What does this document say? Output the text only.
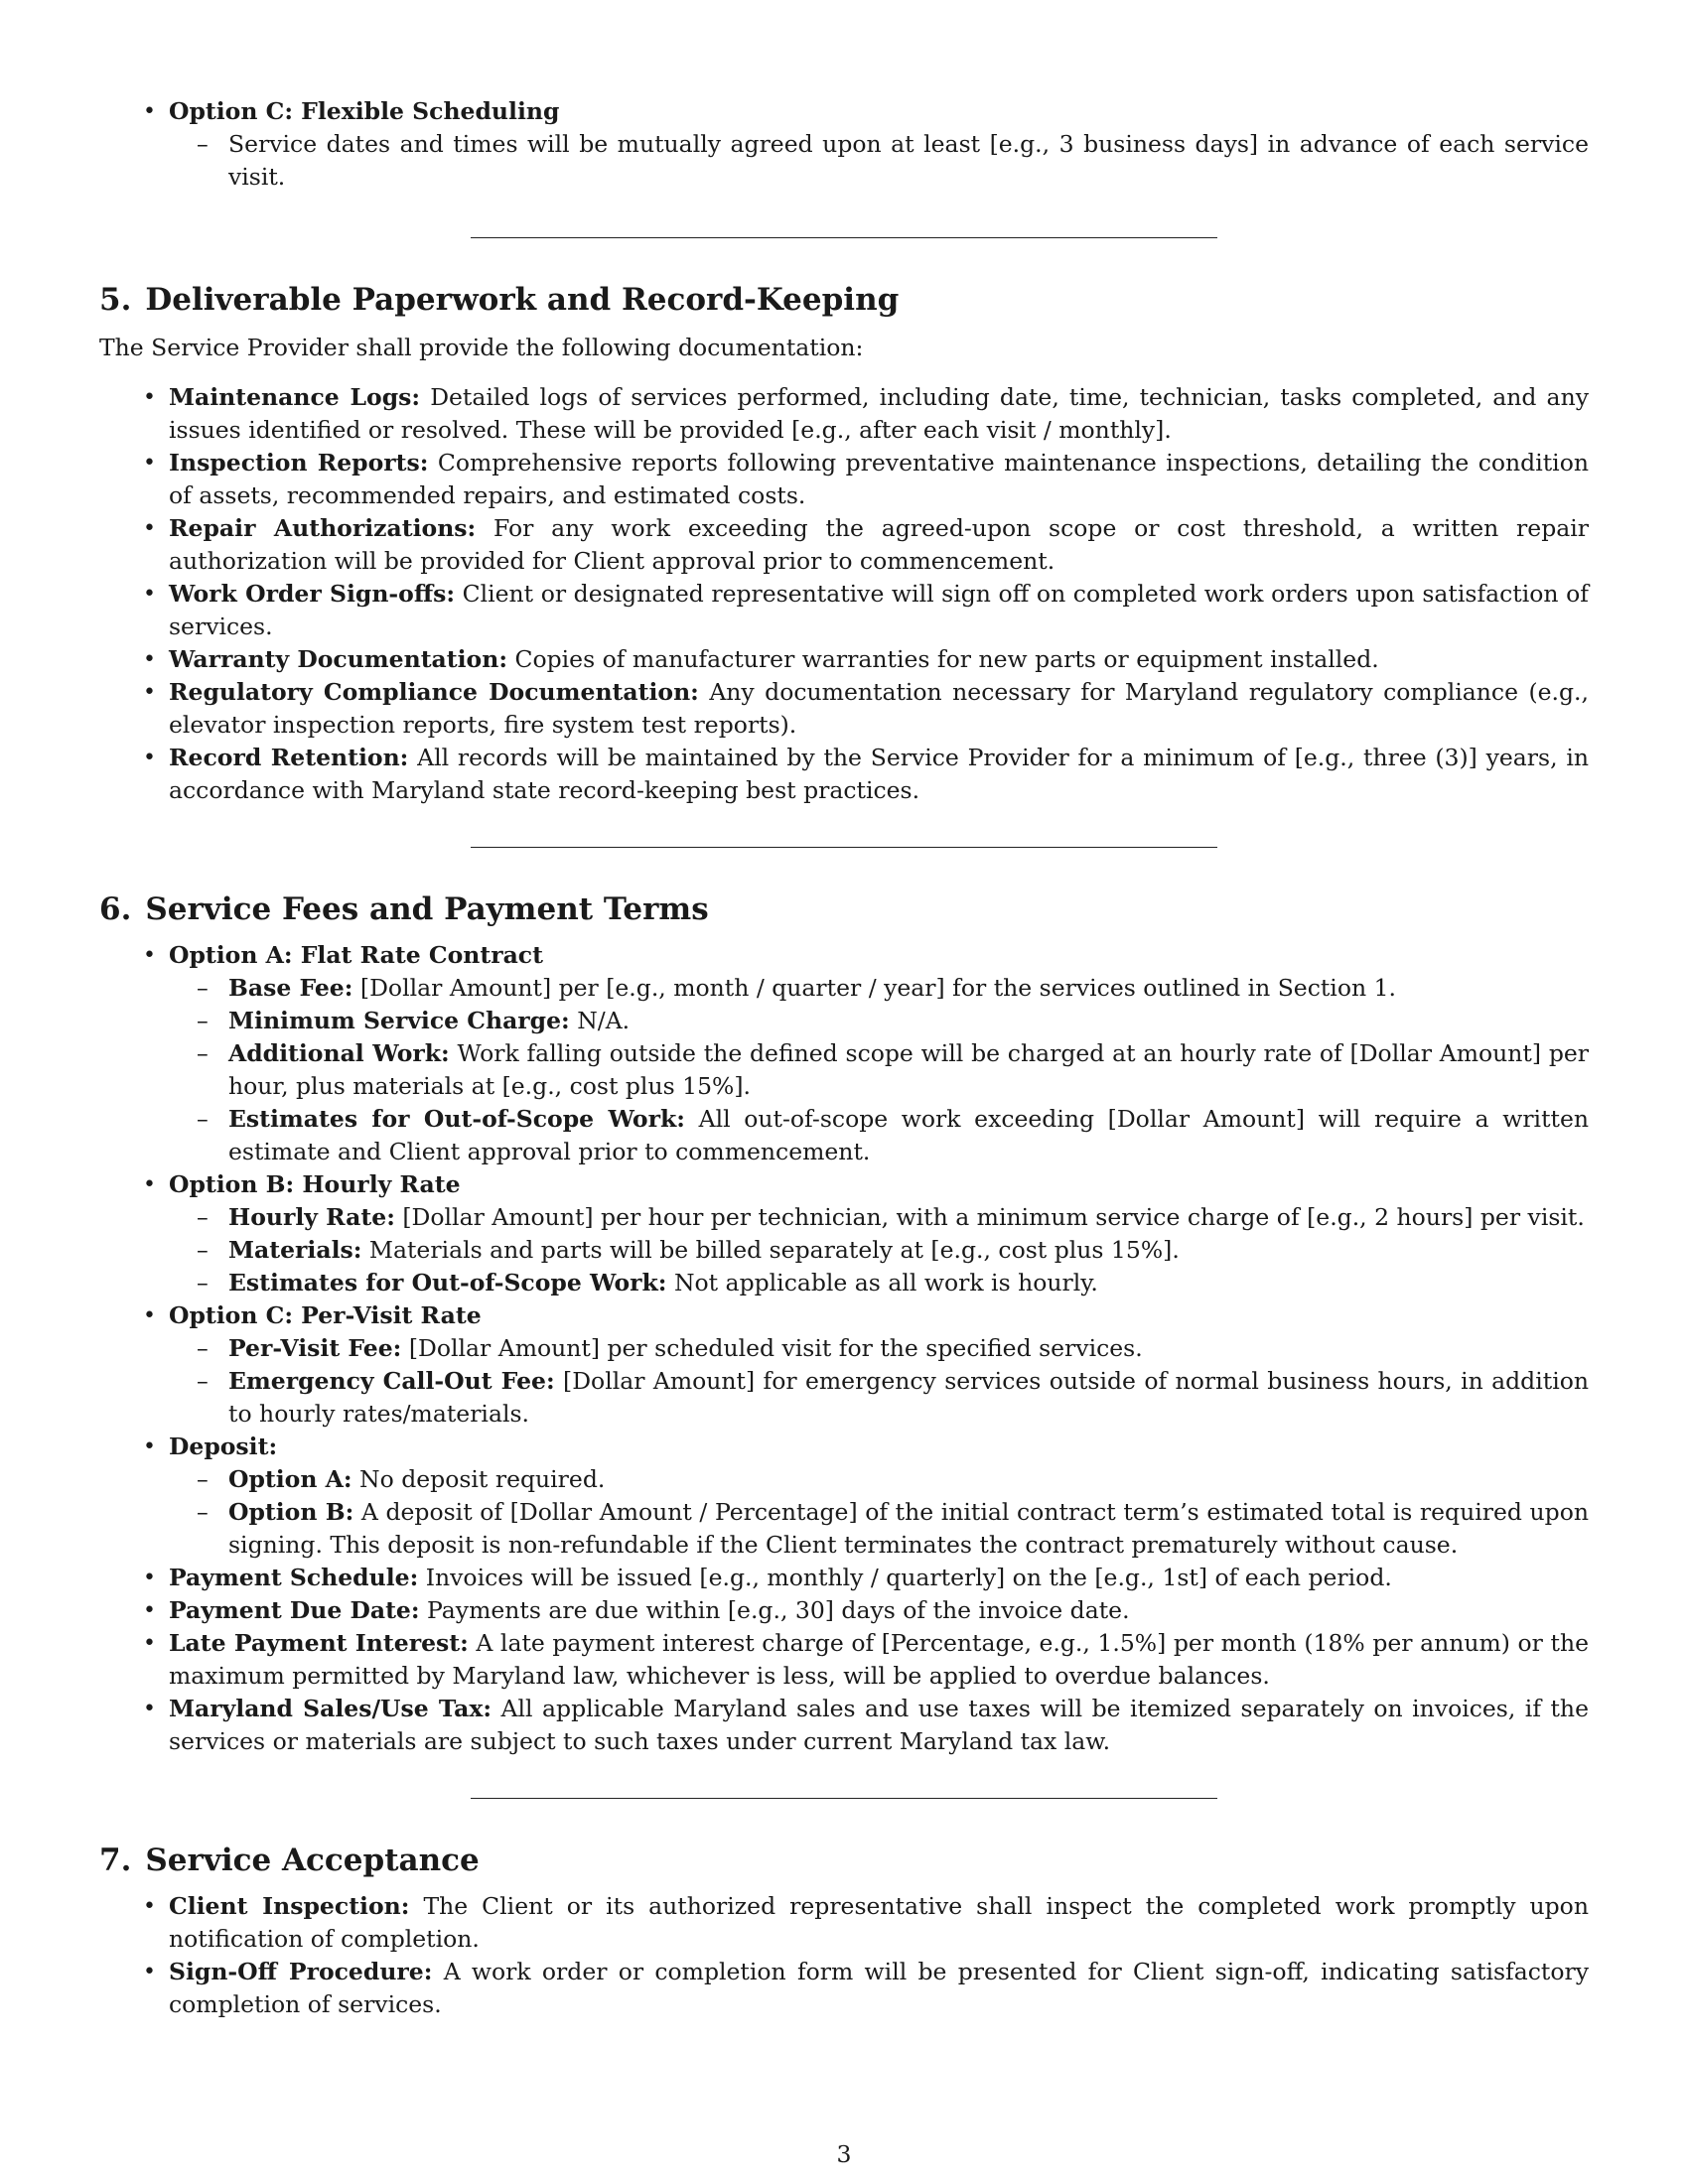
• Option C: Flexible Scheduling
– Service dates and times will be mutually agreed upon at least [e.g., 3 business days] in advance of each service visit.
5. Deliverable Paperwork and Record-Keeping

The Service Provider shall provide the following documentation:

• Maintenance Logs: Detailed logs of services performed, including date, time, technician, tasks completed, and any issues identified or resolved. These will be provided [e.g., after each visit / monthly].
• Inspection Reports: Comprehensive reports following preventative maintenance inspections, detailing the condition of assets, recommended repairs, and estimated costs.
• Repair Authorizations: For any work exceeding the agreed-upon scope or cost threshold, a written repair authorization will be provided for Client approval prior to commencement.
• Work Order Sign-offs: Client or designated representative will sign off on completed work orders upon satisfaction of services.
• Warranty Documentation: Copies of manufacturer warranties for new parts or equipment installed.
• Regulatory Compliance Documentation: Any documentation necessary for Maryland regulatory compliance (e.g., elevator inspection reports, fire system test reports).
• Record Retention: All records will be maintained by the Service Provider for a minimum of [e.g., three (3)] years, in accordance with Maryland state record-keeping best practices.
6. Service Fees and Payment Terms
• Option A: Flat Rate Contract
– Base Fee: [Dollar Amount] per [e.g., month / quarter / year] for the services outlined in Section 1.
– Minimum Service Charge: N/A.
– Additional Work: Work falling outside the defined scope will be charged at an hourly rate of [Dollar Amount] per hour, plus materials at [e.g., cost plus 15%].
– Estimates for Out-of-Scope Work: All out-of-scope work exceeding [Dollar Amount] will require a written estimate and Client approval prior to commencement.
• Option B: Hourly Rate
– Hourly Rate: [Dollar Amount] per hour per technician, with a minimum service charge of [e.g., 2 hours] per visit.
– Materials: Materials and parts will be billed separately at [e.g., cost plus 15%].
– Estimates for Out-of-Scope Work: Not applicable as all work is hourly.
• Option C: Per-Visit Rate
– Per-Visit Fee: [Dollar Amount] per scheduled visit for the specified services.
– Emergency Call-Out Fee: [Dollar Amount] for emergency services outside of normal business hours, in addition to hourly rates/materials.
• Deposit:
– Option A: No deposit required.
– Option B: A deposit of [Dollar Amount / Percentage] of the initial contract term’s estimated total is required upon signing. This deposit is non-refundable if the Client terminates the contract prematurely without cause.
• Payment Schedule: Invoices will be issued [e.g., monthly / quarterly] on the [e.g., 1st] of each period.
• Payment Due Date: Payments are due within [e.g., 30] days of the invoice date.
• Late Payment Interest: A late payment interest charge of [Percentage, e.g., 1.5%] per month (18% per annum) or the maximum permitted by Maryland law, whichever is less, will be applied to overdue balances.
• Maryland Sales/Use Tax: All applicable Maryland sales and use taxes will be itemized separately on invoices, if the services or materials are subject to such taxes under current Maryland tax law.
7. Service Acceptance
• Client Inspection: The Client or its authorized representative shall inspect the completed work promptly upon notification of completion.
• Sign-Off Procedure: A work order or completion form will be presented for Client sign-off, indicating satisfactory completion of services.
3
